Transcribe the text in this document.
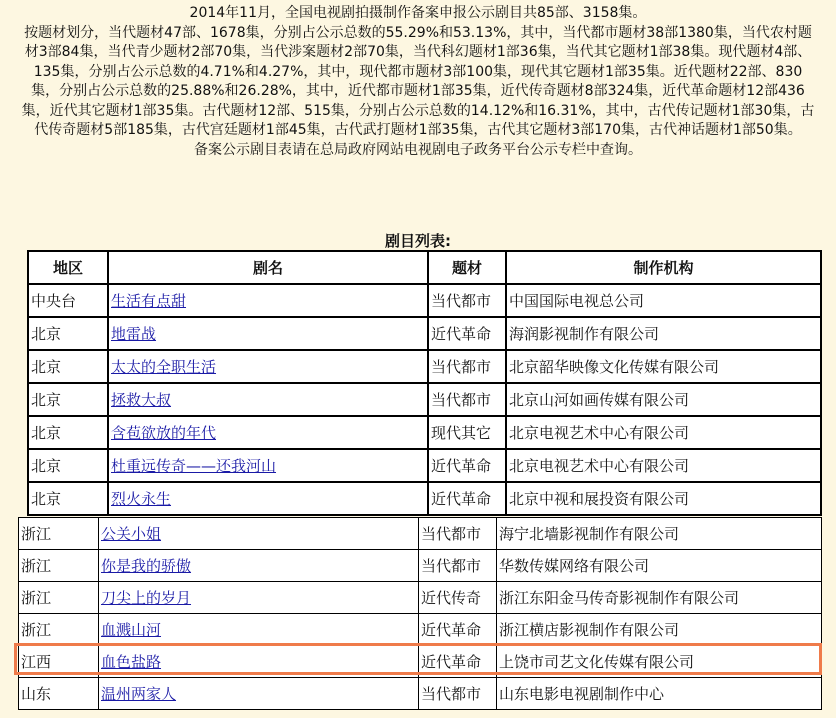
2014年11月，全国电视剧拍摄制作备案申报公示剧目共85部、3158集。

按题材划分，当代题材47部、1678集，分别占公示总数的55.29%和53.13%，其中，当代都市题材38部1380集，当代农村题材3部84集，当代青少题材2部70集，当代涉案题材2部70集，当代科幻题材1部36集，当代其它题材1部38集。现代题材4部、135集，分别占公示总数的4.71%和4.27%，其中，现代都市题材3部100集，现代其它题材1部35集。近代题材22部、830集，分别占公示总数的25.88%和26.28%，其中，近代都市题材1部35集，近代传奇题材8部324集，近代革命题材12部436集，近代其它题材1部35集。古代题材12部、515集，分别占公示总数的14.12%和16.31%，其中，古代传记题材1部30集，古代传奇题材5部185集，古代宫廷题材1部45集，古代武打题材1部35集，古代其它题材3部170集，古代神话题材1部50集。

备案公示剧目表请在总局政府网站电视剧电子政务平台公示专栏中查询。

剧目列表:
地区	剧名	题材	制作机构
中央台	生活有点甜	当代都市	中国国际电视总公司
北京	地雷战	近代革命	海润影视制作有限公司
北京	太太的全职生活	当代都市	北京韶华映像文化传媒有限公司
北京	拯救大叔	当代都市	北京山河如画传媒有限公司
北京	含苞欲放的年代	现代其它	北京电视艺术中心有限公司
北京	杜重远传奇——还我河山	近代革命	北京电视艺术中心有限公司
北京	烈火永生	近代革命	北京中视和展投资有限公司
浙江	公关小姐	当代都市	海宁北墙影视制作有限公司
浙江	你是我的骄傲	当代都市	华数传媒网络有限公司
浙江	刀尖上的岁月	近代传奇	浙江东阳金马传奇影视制作有限公司
浙江	血溅山河	近代革命	浙江横店影视制作有限公司
江西	血色盐路	近代革命	上饶市司艺文化传媒有限公司
山东	温州两家人	当代都市	山东电影电视剧制作中心
